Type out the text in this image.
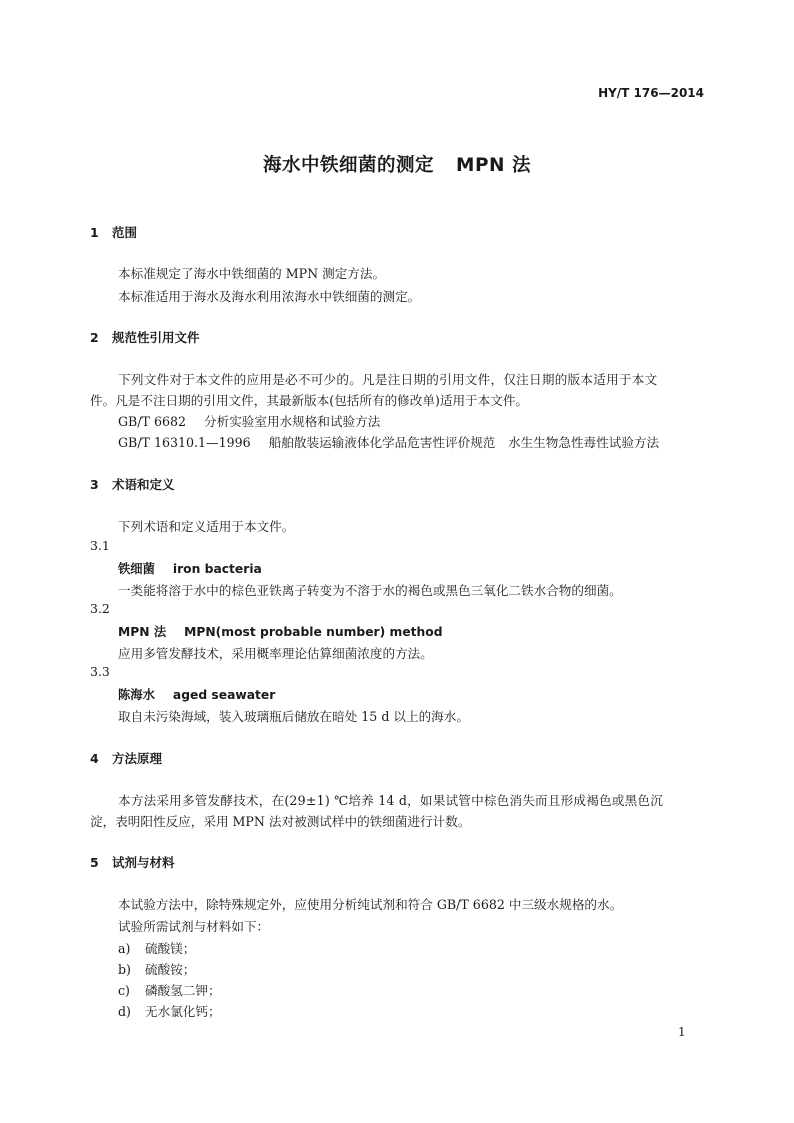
HY/T 176—2014
海水中铁细菌的测定 MPN 法
1 范围
本标准规定了海水中铁细菌的 MPN 测定方法。
本标准适用于海水及海水利用浓海水中铁细菌的测定。
2 规范性引用文件
下列文件对于本文件的应用是必不可少的。凡是注日期的引用文件，仅注日期的版本适用于本文
件。凡是不注日期的引用文件，其最新版本(包括所有的修改单)适用于本文件。
GB/T 6682 分析实验室用水规格和试验方法
GB/T 16310.1—1996 船舶散装运输液体化学品危害性评价规范　水生生物急性毒性试验方法
3 术语和定义
下列术语和定义适用于本文件。
3.1
铁细菌 iron bacteria
一类能将溶于水中的棕色亚铁离子转变为不溶于水的褐色或黑色三氧化二铁水合物的细菌。
3.2
MPN 法 MPN(most probable number) method
应用多管发酵技术，采用概率理论估算细菌浓度的方法。
3.3
陈海水 aged seawater
取自未污染海域，装入玻璃瓶后储放在暗处 15 d 以上的海水。
4 方法原理
本方法采用多管发酵技术，在(29±1) ℃培养 14 d，如果试管中棕色消失而且形成褐色或黑色沉
淀，表明阳性反应，采用 MPN 法对被测试样中的铁细菌进行计数。
5 试剂与材料
本试验方法中，除特殊规定外，应使用分析纯试剂和符合 GB/T 6682 中三级水规格的水。
试验所需试剂与材料如下：
a) 硫酸镁；
b) 硫酸铵；
c) 磷酸氢二钾；
d) 无水氯化钙；
1
